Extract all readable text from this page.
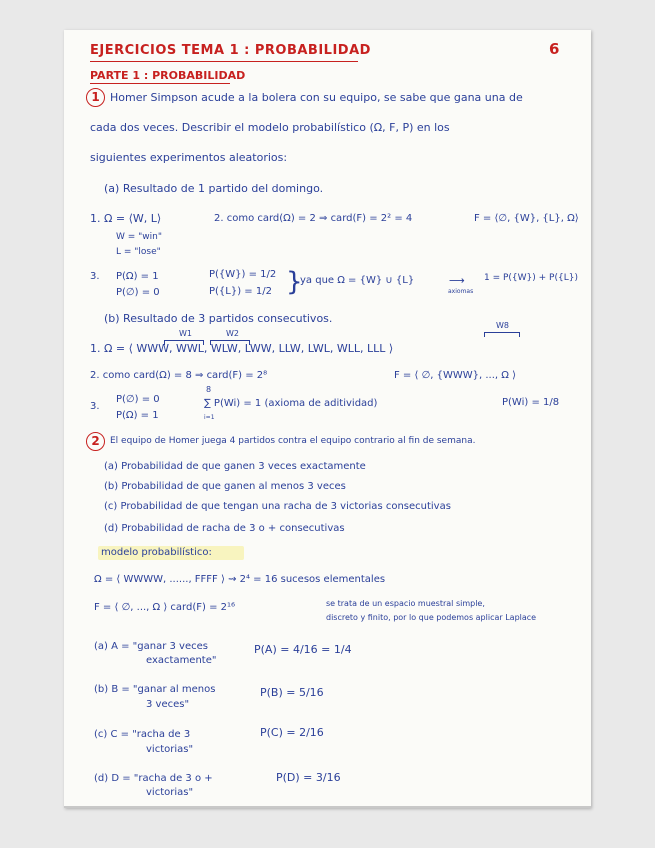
EJERCICIOS TEMA 1 : PROBABILIDAD	6
PARTE 1 : PROBABILIDAD
1 Homer Simpson acude a la bolera con su equipo, se sabe que gana una de
cada dos veces. Describir el modelo probabilístico (Ω, F, P) en los
siguientes experimentos aleatorios:
(a) Resultado de 1 partido del domingo.
1. Ω = ⟨W, L⟩	2. como card(Ω) = 2 ⇒ card(F) = 2² = 4	F = ⟨∅, {W}, {L}, Ω⟩
W = "win"
L = "lose"
3. P(Ω) = 1
P(∅) = 0
P({W}) = 1/2
P({L}) = 1/2 }
ya que Ω = {W} ∪ {L}	⟶
axiomas
1 = P({W}) + P({L})
(b) Resultado de 3 partidos consecutivos.
W1	W2
W8
1. Ω = ⟨ WWW, WWL, WLW, LWW, LLW, LWL, WLL, LLL ⟩
2. como card(Ω) = 8 ⇒ card(F) = 2⁸	F = ⟨ ∅, {WWW}, ..., Ω ⟩
3.
P(∅) = 0
P(Ω) = 1
8
∑ P(Wi) = 1 (axioma de aditividad)
i=1
P(Wi) = 1/8
2	El equipo de Homer juega 4 partidos contra el equipo contrario al fin de semana.
(a) Probabilidad de que ganen 3 veces exactamente
(b) Probabilidad de que ganen al menos 3 veces
(c) Probabilidad de que tengan una racha de 3 victorias consecutivas
(d) Probabilidad de racha de 3 o + consecutivas
modelo probabilístico:
Ω = ⟨ WWWW, ......, FFFF ⟩ ⇝ 2⁴ = 16 sucesos elementales
F = ⟨ ∅, ..., Ω ⟩ card(F) = 2¹⁶	se trata de un espacio muestral simple,
discreto y finito, por lo que podemos aplicar Laplace
(a) A = "ganar 3 veces
exactamente"
P(A) = 4/16 = 1/4
(b) B = "ganar al menos
3 veces"
P(B) = 5/16
(c) C = "racha de 3
victorias"
P(C) = 2/16
(d) D = "racha de 3 o +
victorias"
P(D) = 3/16
